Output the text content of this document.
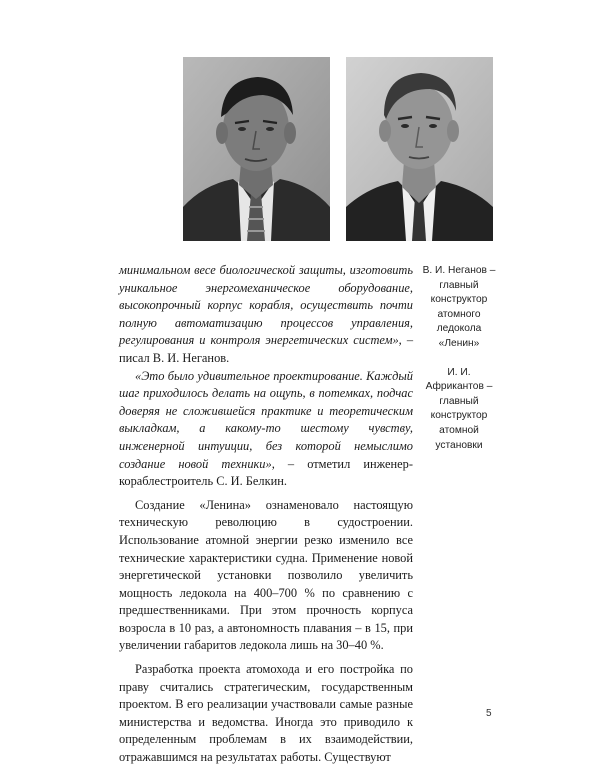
минимальном весе биологической защиты, изготовить уникальное энергомеханическое оборудование, высокопрочный корпус корабля, осуществить почти полную автоматизацию процессов управления, регулирования и контроля энергетических систем», – писал В. И. Неганов.

«Это было удивительное проектирование. Каждый шаг приходилось делать на ощупь, в потемках, подчас доверяя не сложившейся практике и теоретическим выкладкам, а какому-то шестому чувству, инженерной интуиции, без которой немыслимо создание новой техники», – отметил инженер-кораблестроитель С. И. Белкин.

Создание «Ленина» ознаменовало настоящую техническую революцию в судостроении. Использование атомной энергии резко изменило все технические характеристики судна. Применение новой энергетической установки позволило увеличить мощность ледокола на 400–700 % по сравнению с предшественниками. При этом прочность корпуса возросла в 10 раз, а автономность плавания – в 15, при увеличении габаритов ледокола лишь на 30–40 %.

Разработка проекта атомохода и его постройка по праву считались стратегическим, государственным проектом. В его реализации участвовали самые разные министерства и ведомства. Иногда это приводило к определенным проблемам в их взаимодействии, отражавшимся на результатах работы. Существуют

В. И. Неганов – главный конструктор атомного ледокола «Ленин»

И. И. Африкантов – главный конструктор атомной установки

5
